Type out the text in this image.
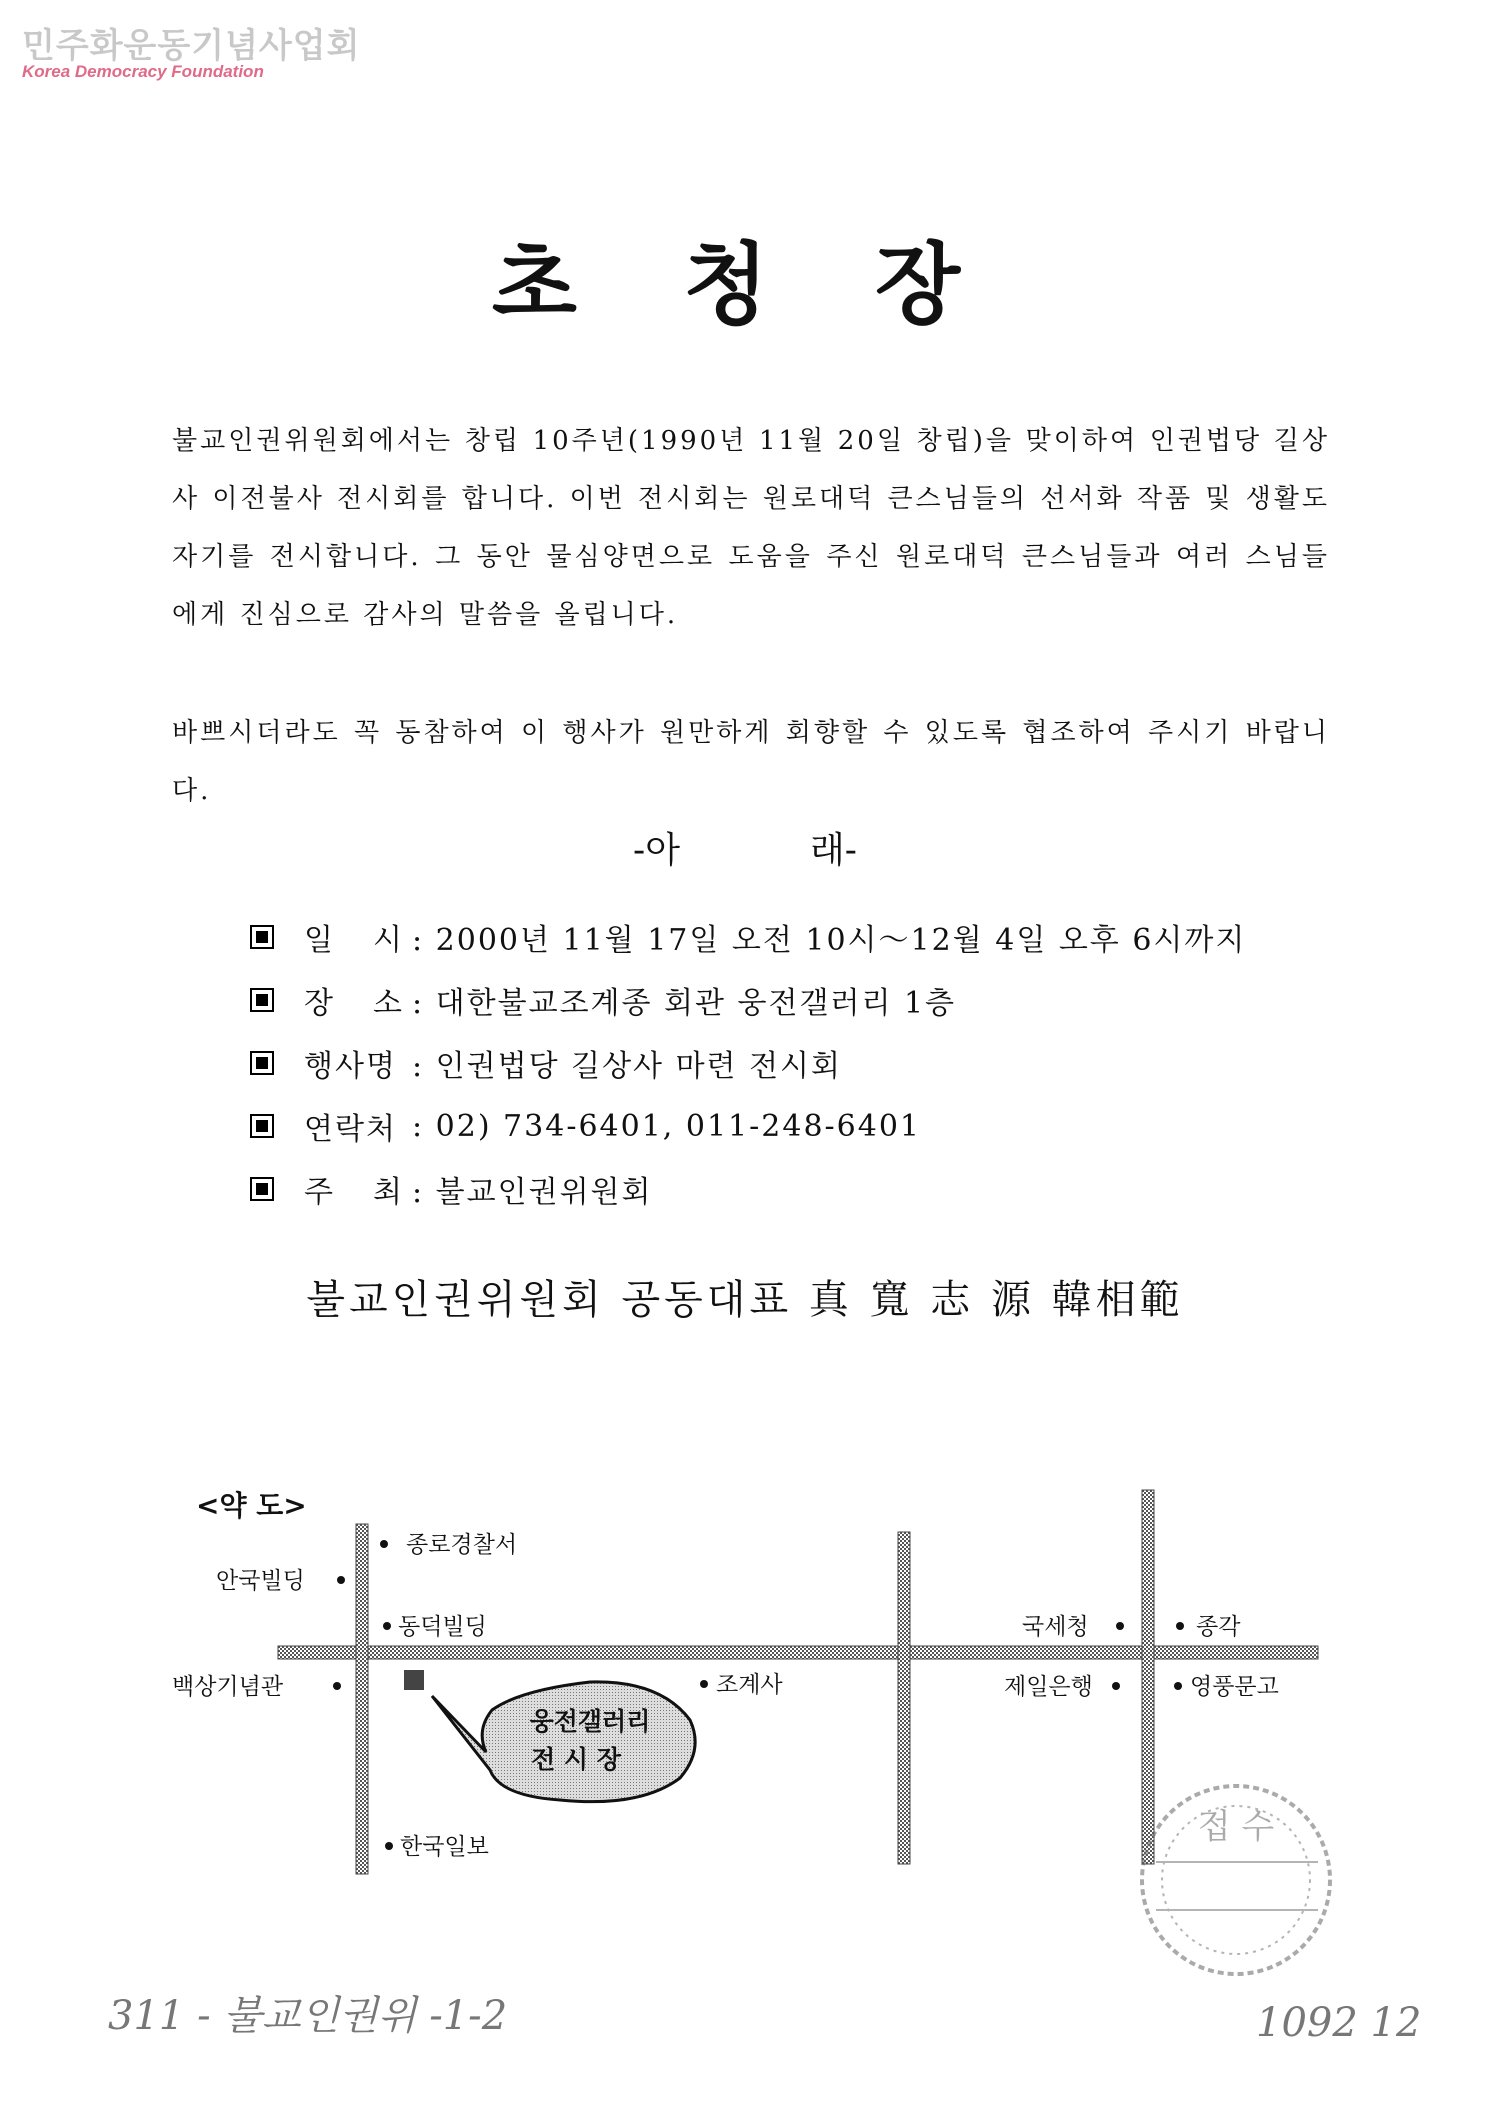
민주화운동기념사업회
Korea Democracy Foundation
초 청 장
불교인권위원회에서는 창립 10주년(1990년 11월 20일 창립)을 맞이하여 인권법당 길상사 이전불사 전시회를 합니다. 이번 전시회는 원로대덕 큰스님들의 선서화 작품 및 생활도자기를 전시합니다. 그 동안 물심양면으로 도움을 주신 원로대덕 큰스님들과 여러 스님들에게 진심으로 감사의 말씀을 올립니다.
바쁘시더라도 꼭 동참하여 이 행사가 원만하게 회향할 수 있도록 협조하여 주시기 바랍니다.
-아	래-
일 시 : 2000년 11월 17일 오전 10시～12월 4일 오후 6시까지
장 소 : 대한불교조계종 회관 웅전갤러리 1층
행사명 : 인권법당 길상사 마련 전시회
연락처 : 02) 734-6401, 011-248-6401
주 최 : 불교인권위원회
불교인권위원회 공동대표 真 寬 志 源 韓相範
<약 도>
종로경찰서
안국빌딩
동덕빌딩
백상기념관	조계사
한국일보
국세청	종각
제일은행	영풍문고
웅전갤러리
전 시 장
접 수
311 - 불교인권위 -1-2	1092 12
